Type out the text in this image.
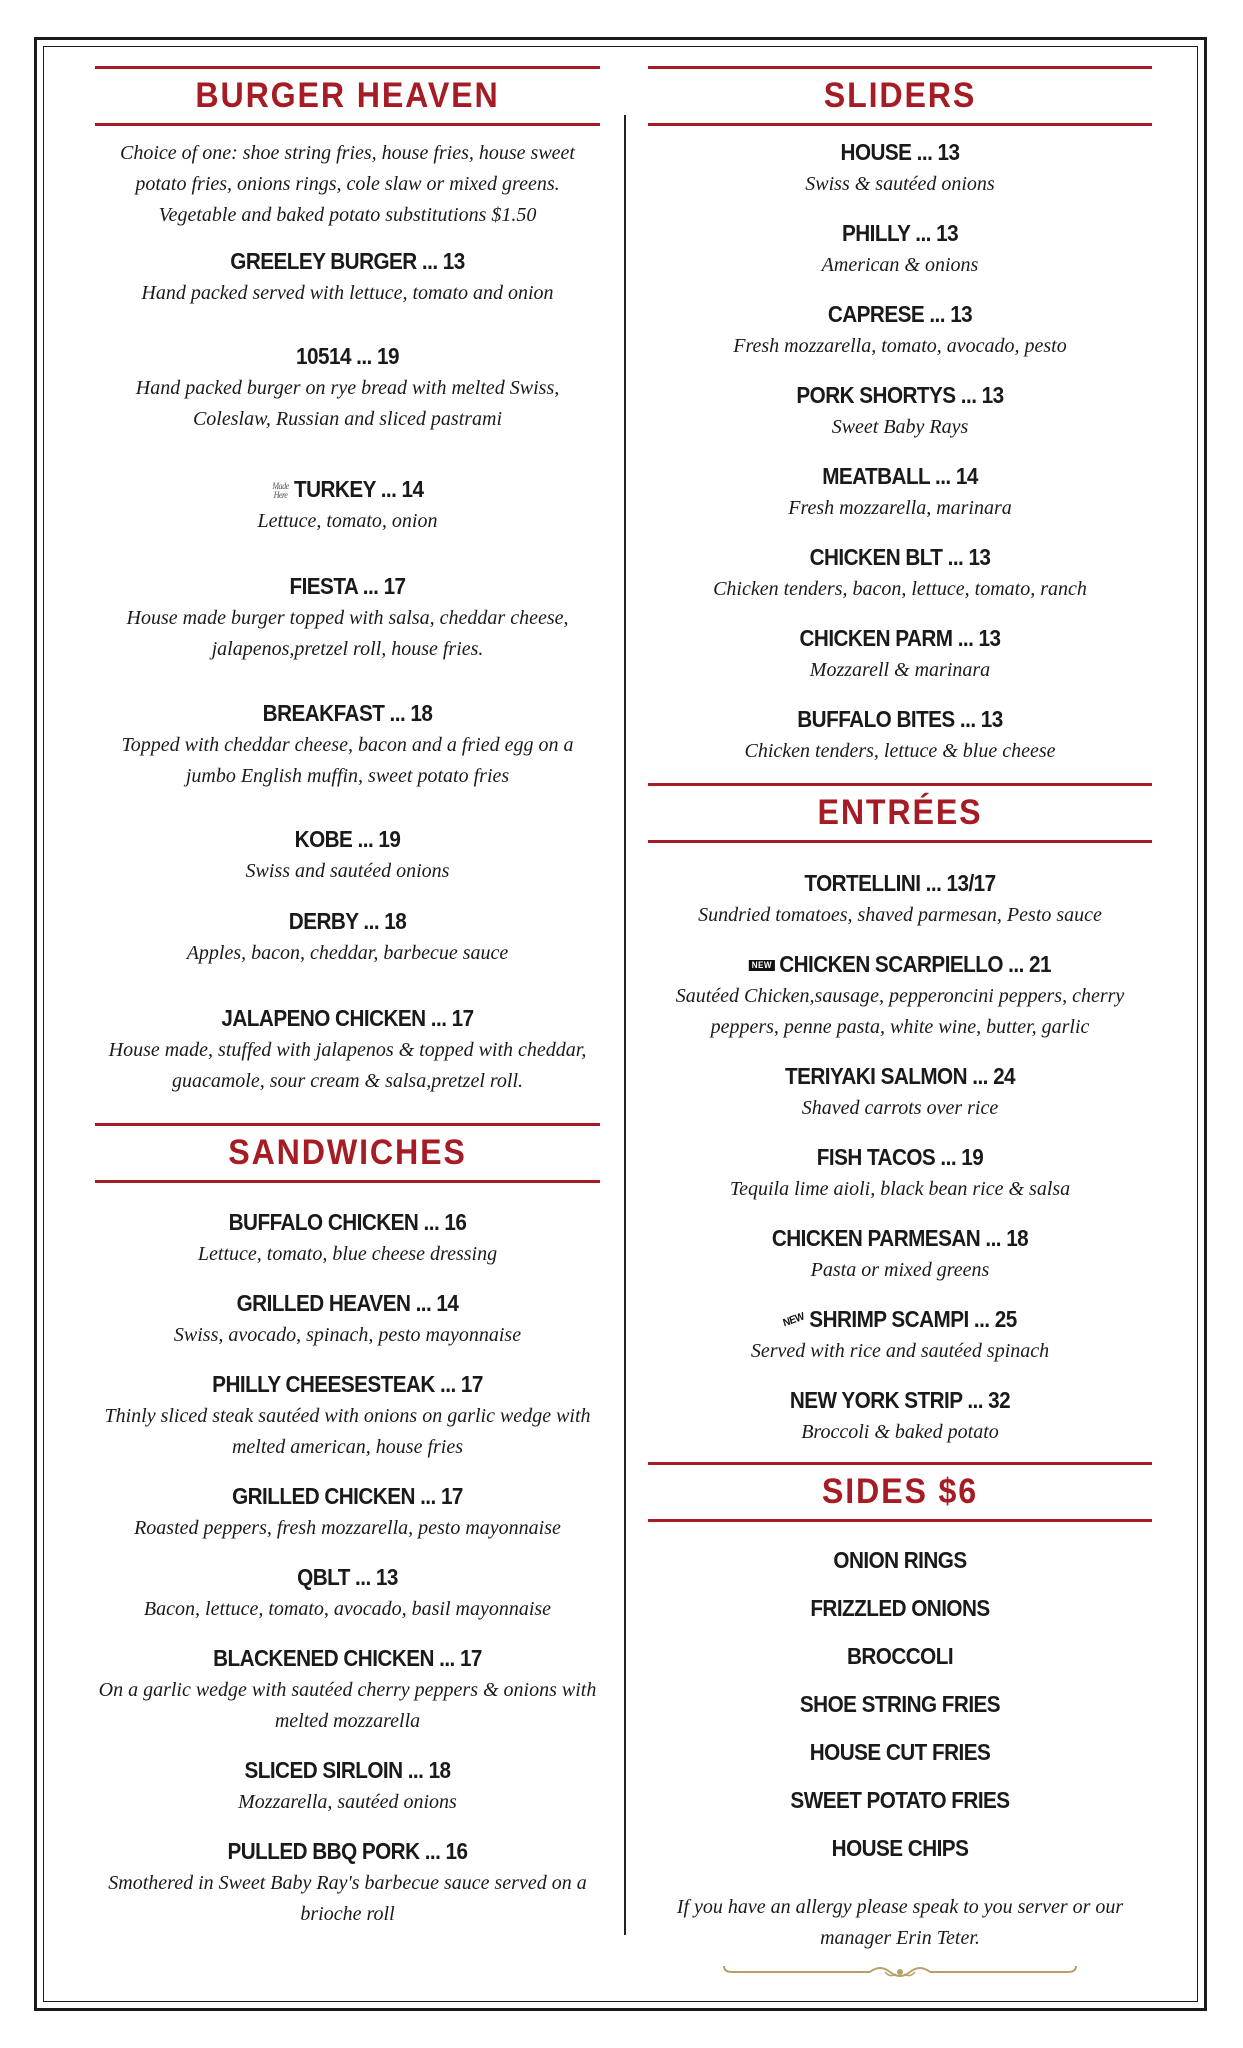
BURGER HEAVEN
Choice of one: shoe string fries, house fries, house sweet potato fries, onions rings, cole slaw or mixed greens. Vegetable and baked potato substitutions $1.50
GREELEY BURGER ... 13
Hand packed served with lettuce, tomato and onion
10514 ... 19
Hand packed burger on rye bread with melted Swiss, Coleslaw, Russian and sliced pastrami
Made Here TURKEY ... 14
Lettuce, tomato, onion
FIESTA ... 17
House made burger topped with salsa, cheddar cheese, jalapenos,pretzel roll, house fries.
BREAKFAST ... 18
Topped with cheddar cheese, bacon and a fried egg on a jumbo English muffin, sweet potato fries
KOBE ... 19
Swiss and sautéed onions
DERBY ... 18
Apples, bacon, cheddar, barbecue sauce
JALAPENO CHICKEN ... 17
House made, stuffed with jalapenos & topped with cheddar, guacamole, sour cream & salsa,pretzel roll.
SANDWICHES
BUFFALO CHICKEN ... 16
Lettuce, tomato, blue cheese dressing
GRILLED HEAVEN ... 14
Swiss, avocado, spinach, pesto mayonnaise
PHILLY CHEESESTEAK ... 17
Thinly sliced steak sautéed with onions on garlic wedge with melted american, house fries
GRILLED CHICKEN ... 17
Roasted peppers, fresh mozzarella, pesto mayonnaise
QBLT ... 13
Bacon, lettuce, tomato, avocado, basil mayonnaise
BLACKENED CHICKEN ... 17
On a garlic wedge with sautéed cherry peppers & onions with melted mozzarella
SLICED SIRLOIN ... 18
Mozzarella, sautéed onions
PULLED BBQ PORK ... 16
Smothered in Sweet Baby Ray's barbecue sauce served on a brioche roll
SLIDERS
HOUSE ... 13
Swiss & sautéed onions
PHILLY ... 13
American & onions
CAPRESE ... 13
Fresh mozzarella, tomato, avocado, pesto
PORK SHORTYS ... 13
Sweet Baby Rays
MEATBALL ... 14
Fresh mozzarella, marinara
CHICKEN BLT ... 13
Chicken tenders, bacon, lettuce, tomato, ranch
CHICKEN PARM ... 13
Mozzarell & marinara
BUFFALO BITES ... 13
Chicken tenders, lettuce & blue cheese
ENTRÉES
TORTELLINI ... 13/17
Sundried tomatoes, shaved parmesan, Pesto sauce
NEW CHICKEN SCARPIELLO ... 21
Sautéed Chicken,sausage, pepperoncini peppers, cherry peppers, penne pasta, white wine, butter, garlic
TERIYAKI SALMON ... 24
Shaved carrots over rice
FISH TACOS ... 19
Tequila lime aioli, black bean rice & salsa
CHICKEN PARMESAN ... 18
Pasta or mixed greens
NEW SHRIMP SCAMPI ... 25
Served with rice and sautéed spinach
NEW YORK STRIP ... 32
Broccoli & baked potato
SIDES $6
ONION RINGS
FRIZZLED ONIONS
BROCCOLI
SHOE STRING FRIES
HOUSE CUT FRIES
SWEET POTATO FRIES
HOUSE CHIPS
If you have an allergy please speak to you server or our manager Erin Teter.
